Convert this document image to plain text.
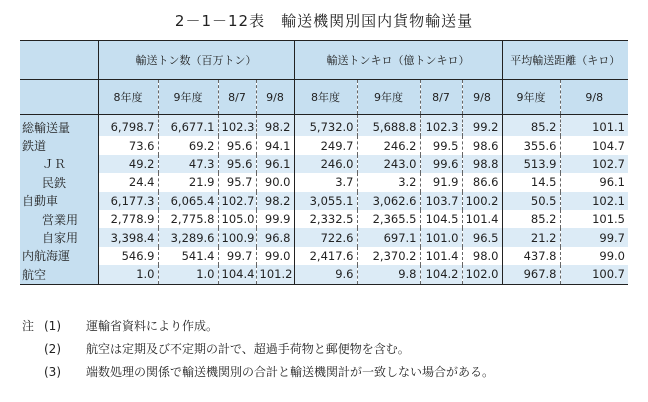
2－1－12表　輸送機関別国内貨物輸送量
	輸送トン数（百万トン）				輸送トンキロ（億トンキロ）				平均輸送距離（キロ）	
	8年度	9年度	8/7	9/8	8年度	9年度	8/7	9/8	9年度	9/8
総輸送量	6,798.7	6,677.1	102.3	98.2	5,732.0	5,688.8	102.3	99.2	85.2	101.1
鉄道	73.6	69.2	95.6	94.1	249.7	246.2	99.5	98.6	355.6	104.7
ＪＲ	49.2	47.3	95.6	96.1	246.0	243.0	99.6	98.8	513.9	102.7
民鉄	24.4	21.9	95.7	90.0	3.7	3.2	91.9	86.6	14.5	96.1
自動車	6,177.3	6,065.4	102.7	98.2	3,055.1	3,062.6	103.7	100.2	50.5	102.1
営業用	2,778.9	2,775.8	105.0	99.9	2,332.5	2,365.5	104.5	101.4	85.2	101.5
自家用	3,398.4	3,289.6	100.9	96.8	722.6	697.1	101.0	96.5	21.2	99.7
内航海運	546.9	541.4	99.7	99.0	2,417.6	2,370.2	101.4	98.0	437.8	99.0
航空	1.0	1.0	104.4	101.2	9.6	9.8	104.2	102.0	967.8	100.7
注 (1)	運輸省資料により作成。
(2)	航空は定期及び不定期の計で、超過手荷物と郵便物を含む。
(3)	端数処理の関係で輸送機関別の合計と輸送機関計が一致しない場合がある。
